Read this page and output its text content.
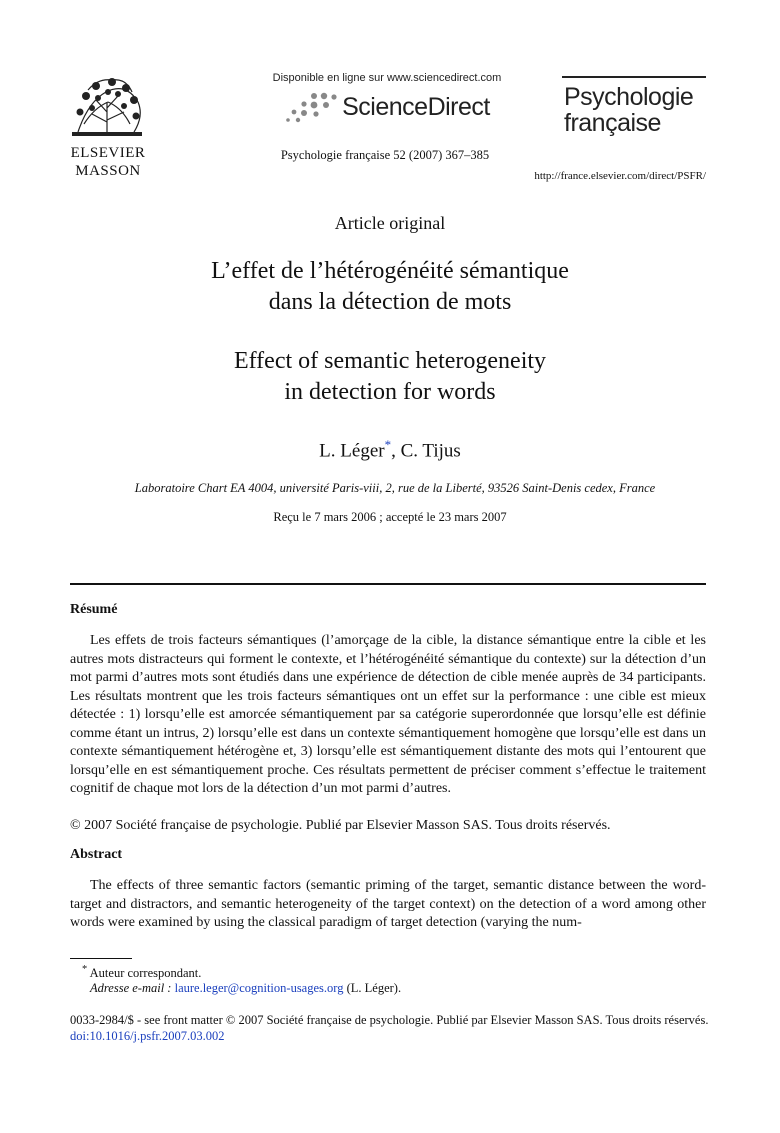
ELSEVIER
MASSON
Disponible en ligne sur www.sciencedirect.com
ScienceDirect
Psychologie française 52 (2007) 367–385
Psychologie
française
http://france.elsevier.com/direct/PSFR/
Article original
L’effet de l’hétérogénéité sémantique
dans la détection de mots
Effect of semantic heterogeneity
in detection for words
L. Léger*, C. Tijus
Laboratoire Chart EA 4004, université Paris-viii, 2, rue de la Liberté, 93526 Saint-Denis cedex, France
Reçu le 7 mars 2006 ; accepté le 23 mars 2007
Résumé

Les effets de trois facteurs sémantiques (l’amorçage de la cible, la distance sémantique entre la cible et les autres mots distracteurs qui forment le contexte, et l’hétérogénéité sémantique du contexte) sur la détection d’un mot parmi d’autres mots sont étudiés dans une expérience de détection de cible menée auprès de 34 participants. Les résultats montrent que les trois facteurs sémantiques ont un effet sur la performance : une cible est mieux détectée : 1) lorsqu’elle est amorcée sémantiquement par sa catégorie superordonnée que lorsqu’elle est définie comme étant un intrus, 2) lorsqu’elle est dans un contexte sémantiquement homogène que lorsqu’elle est dans un contexte sémantiquement hétérogène et, 3) lorsqu’elle est sémantiquement distante des mots qui l’entourent que lorsqu’elle en est sémantiquement proche. Ces résultats permettent de préciser comment s’effectue le traitement cognitif de chaque mot lors de la détection d’un mot parmi d’autres.

© 2007 Société française de psychologie. Publié par Elsevier Masson SAS. Tous droits réservés.
Abstract

The effects of three semantic factors (semantic priming of the target, semantic distance between the word-target and distractors, and semantic heterogeneity of the target context) on the detection of a word among other words were examined by using the classical paradigm of target detection (varying the num-

* Auteur correspondant.
Adresse e-mail : laure.leger@cognition-usages.org (L. Léger).
0033-2984/$ - see front matter © 2007 Société française de psychologie. Publié par Elsevier Masson SAS. Tous droits réservés.
doi:10.1016/j.psfr.2007.03.002
